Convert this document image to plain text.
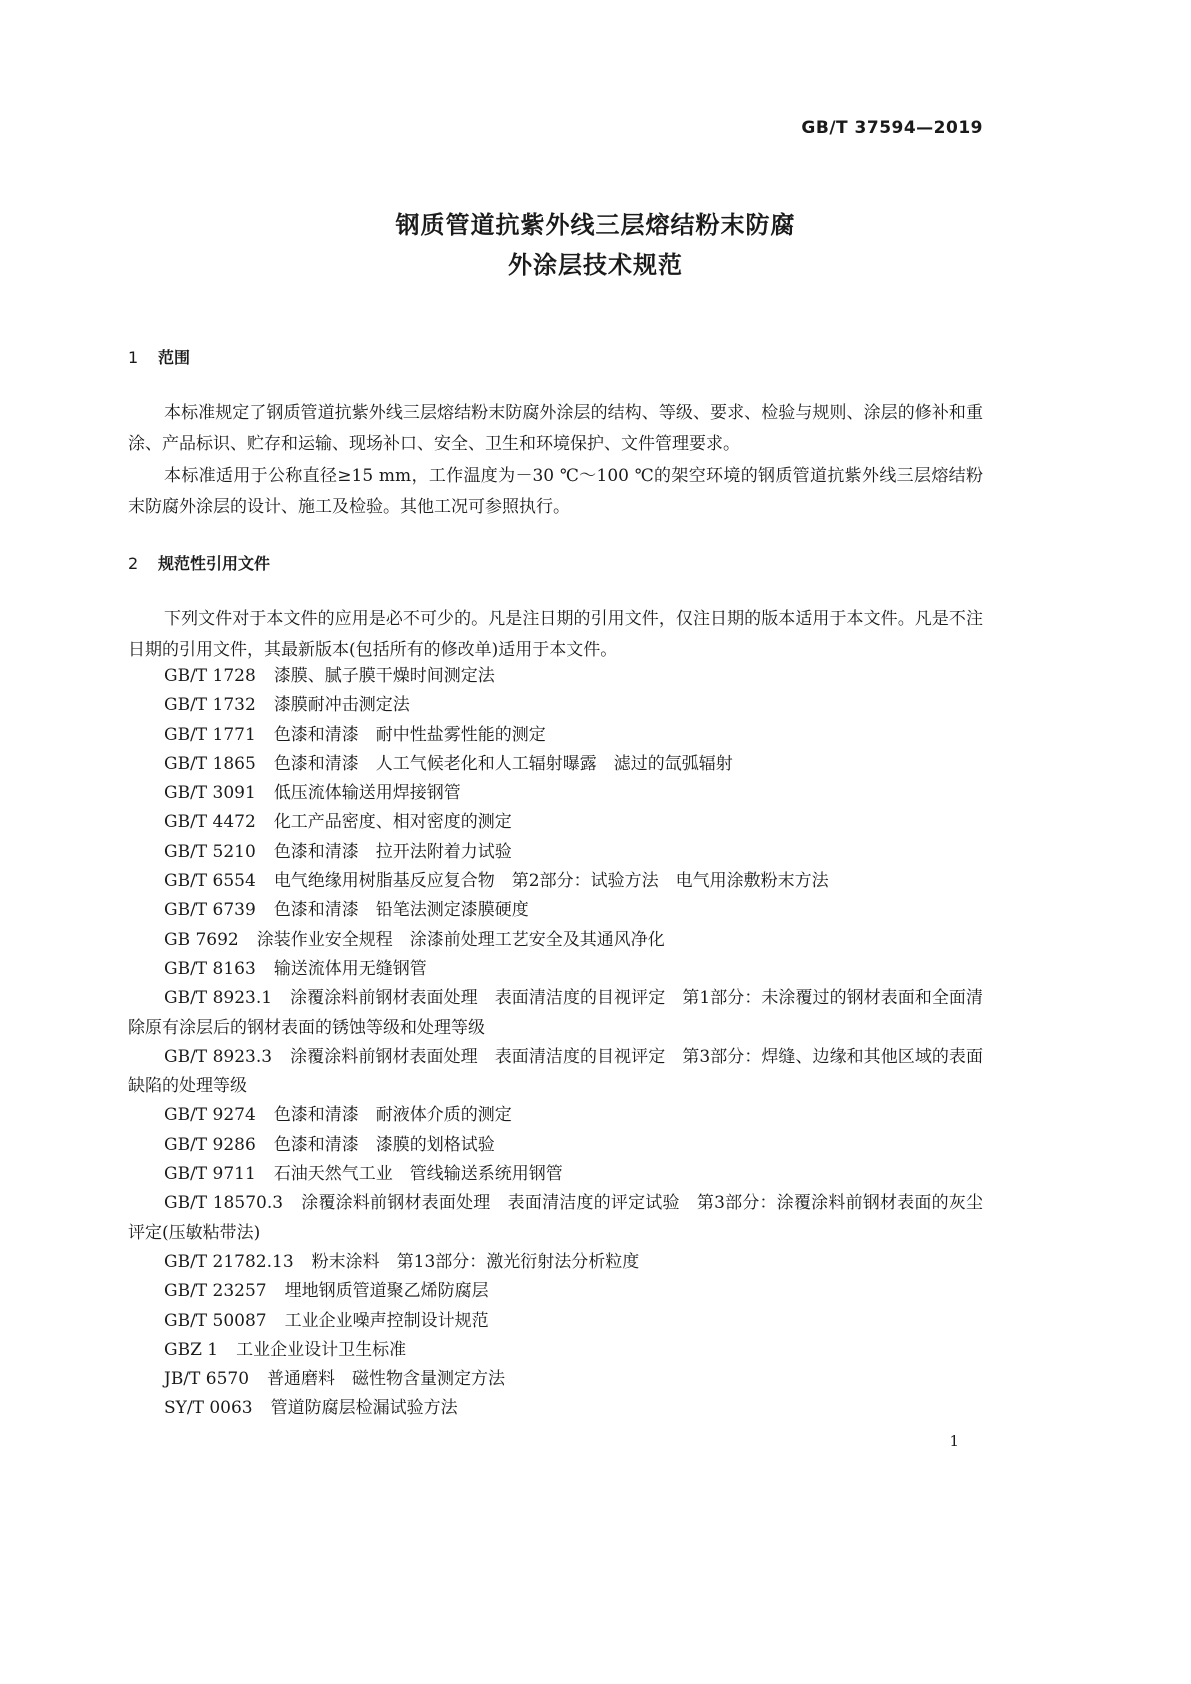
GB/T 37594—2019
钢质管道抗紫外线三层熔结粉末防腐
外涂层技术规范
1 范围

本标准规定了钢质管道抗紫外线三层熔结粉末防腐外涂层的结构、等级、要求、检验与规则、涂层的修补和重涂、产品标识、贮存和运输、现场补口、安全、卫生和环境保护、文件管理要求。

本标准适用于公称直径≥15 mm，工作温度为－30 ℃～100 ℃的架空环境的钢质管道抗紫外线三层熔结粉末防腐外涂层的设计、施工及检验。其他工况可参照执行。

2 规范性引用文件

下列文件对于本文件的应用是必不可少的。凡是注日期的引用文件，仅注日期的版本适用于本文件。凡是不注日期的引用文件，其最新版本(包括所有的修改单)适用于本文件。

GB/T 1728 漆膜、腻子膜干燥时间测定法

GB/T 1732 漆膜耐冲击测定法

GB/T 1771 色漆和清漆　耐中性盐雾性能的测定

GB/T 1865 色漆和清漆　人工气候老化和人工辐射曝露　滤过的氙弧辐射

GB/T 3091 低压流体输送用焊接钢管

GB/T 4472 化工产品密度、相对密度的测定

GB/T 5210 色漆和清漆　拉开法附着力试验

GB/T 6554 电气绝缘用树脂基反应复合物　第2部分：试验方法　电气用涂敷粉末方法

GB/T 6739 色漆和清漆　铅笔法测定漆膜硬度

GB 7692 涂装作业安全规程　涂漆前处理工艺安全及其通风净化

GB/T 8163 输送流体用无缝钢管

GB/T 8923.1 涂覆涂料前钢材表面处理　表面清洁度的目视评定　第1部分：未涂覆过的钢材表面和全面清除原有涂层后的钢材表面的锈蚀等级和处理等级

GB/T 8923.3 涂覆涂料前钢材表面处理　表面清洁度的目视评定　第3部分：焊缝、边缘和其他区域的表面缺陷的处理等级

GB/T 9274 色漆和清漆　耐液体介质的测定

GB/T 9286 色漆和清漆　漆膜的划格试验

GB/T 9711 石油天然气工业　管线输送系统用钢管

GB/T 18570.3 涂覆涂料前钢材表面处理　表面清洁度的评定试验　第3部分：涂覆涂料前钢材表面的灰尘评定(压敏粘带法)

GB/T 21782.13 粉末涂料　第13部分：激光衍射法分析粒度

GB/T 23257 埋地钢质管道聚乙烯防腐层

GB/T 50087 工业企业噪声控制设计规范

GBZ 1 工业企业设计卫生标准

JB/T 6570 普通磨料　磁性物含量测定方法

SY/T 0063 管道防腐层检漏试验方法

1
